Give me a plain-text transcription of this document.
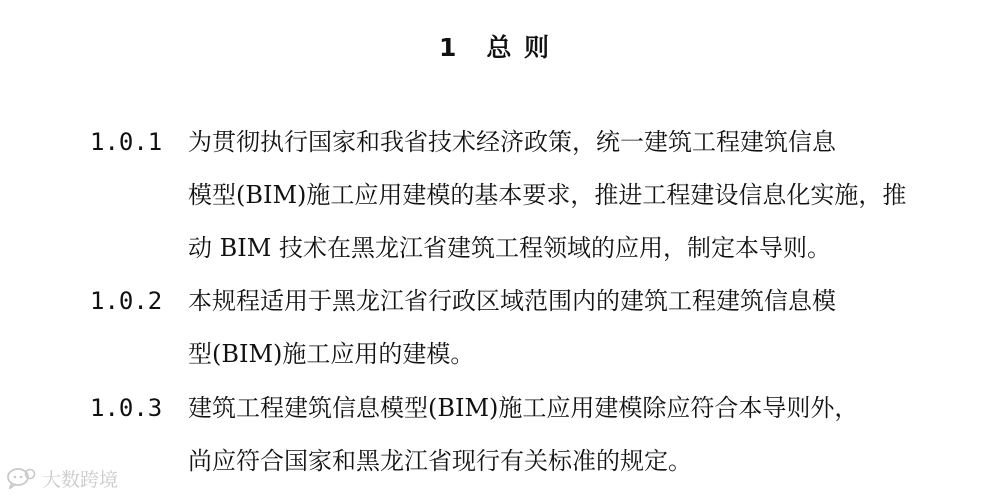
1 总 则
1.0.1	为贯彻执行国家和我省技术经济政策，统一建筑工程建筑信息
模型(BIM)施工应用建模的基本要求，推进工程建设信息化实施，推
动 BIM 技术在黑龙江省建筑工程领域的应用，制定本导则。
1.0.2	本规程适用于黑龙江省行政区域范围内的建筑工程建筑信息模
型(BIM)施工应用的建模。
1.0.3	建筑工程建筑信息模型(BIM)施工应用建模除应符合本导则外，
尚应符合国家和黑龙江省现行有关标准的规定。
大数跨境
